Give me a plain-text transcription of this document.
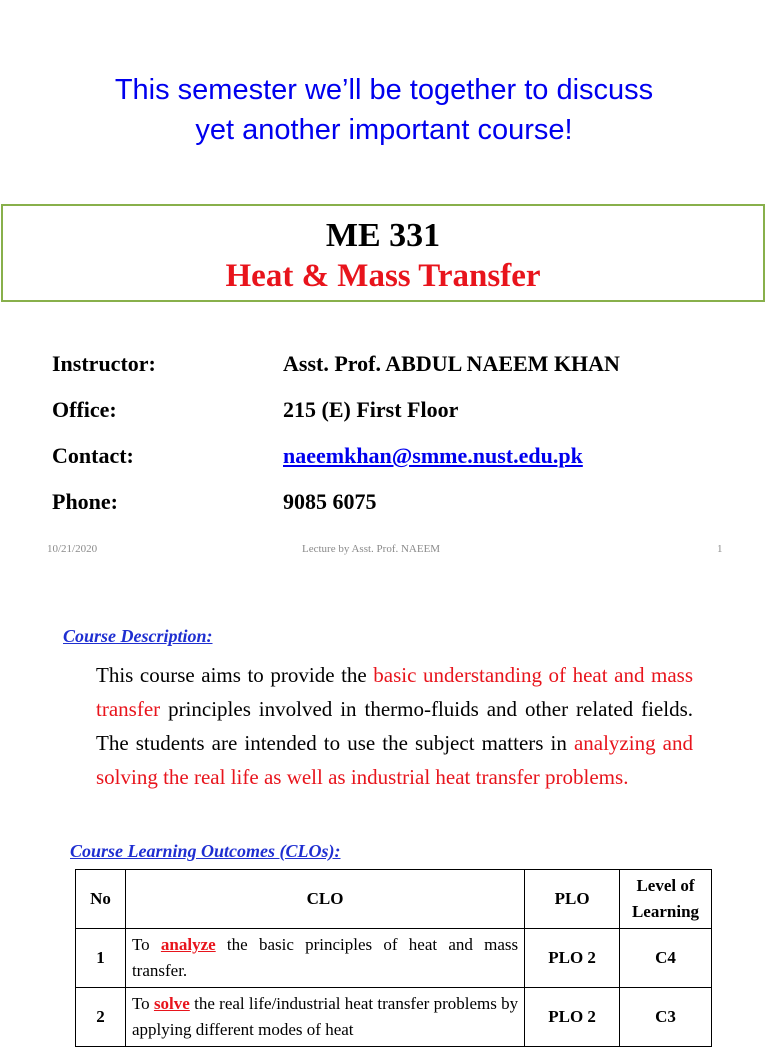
This semester we’ll be together to discuss
yet another important course!
ME 331
Heat & Mass Transfer
Instructor:	Asst. Prof. ABDUL NAEEM KHAN
Office:	215 (E) First Floor
Contact:	naeemkhan@smme.nust.edu.pk
Phone:	9085 6075
10/21/2020	Lecture by Asst. Prof. NAEEM	1
Course Description:

This course aims to provide the basic understanding of heat and mass transfer principles involved in thermo-fluids and other related fields. The students are intended to use the subject matters in analyzing and solving the real life as well as industrial heat transfer problems.

Course Learning Outcomes (CLOs):
No	CLO	PLO	Level of Learning
1	To analyze the basic principles of heat and mass transfer.	PLO 2	C4
2	To solve the real life/industrial heat transfer problems by applying different modes of heat	PLO 2	C3
